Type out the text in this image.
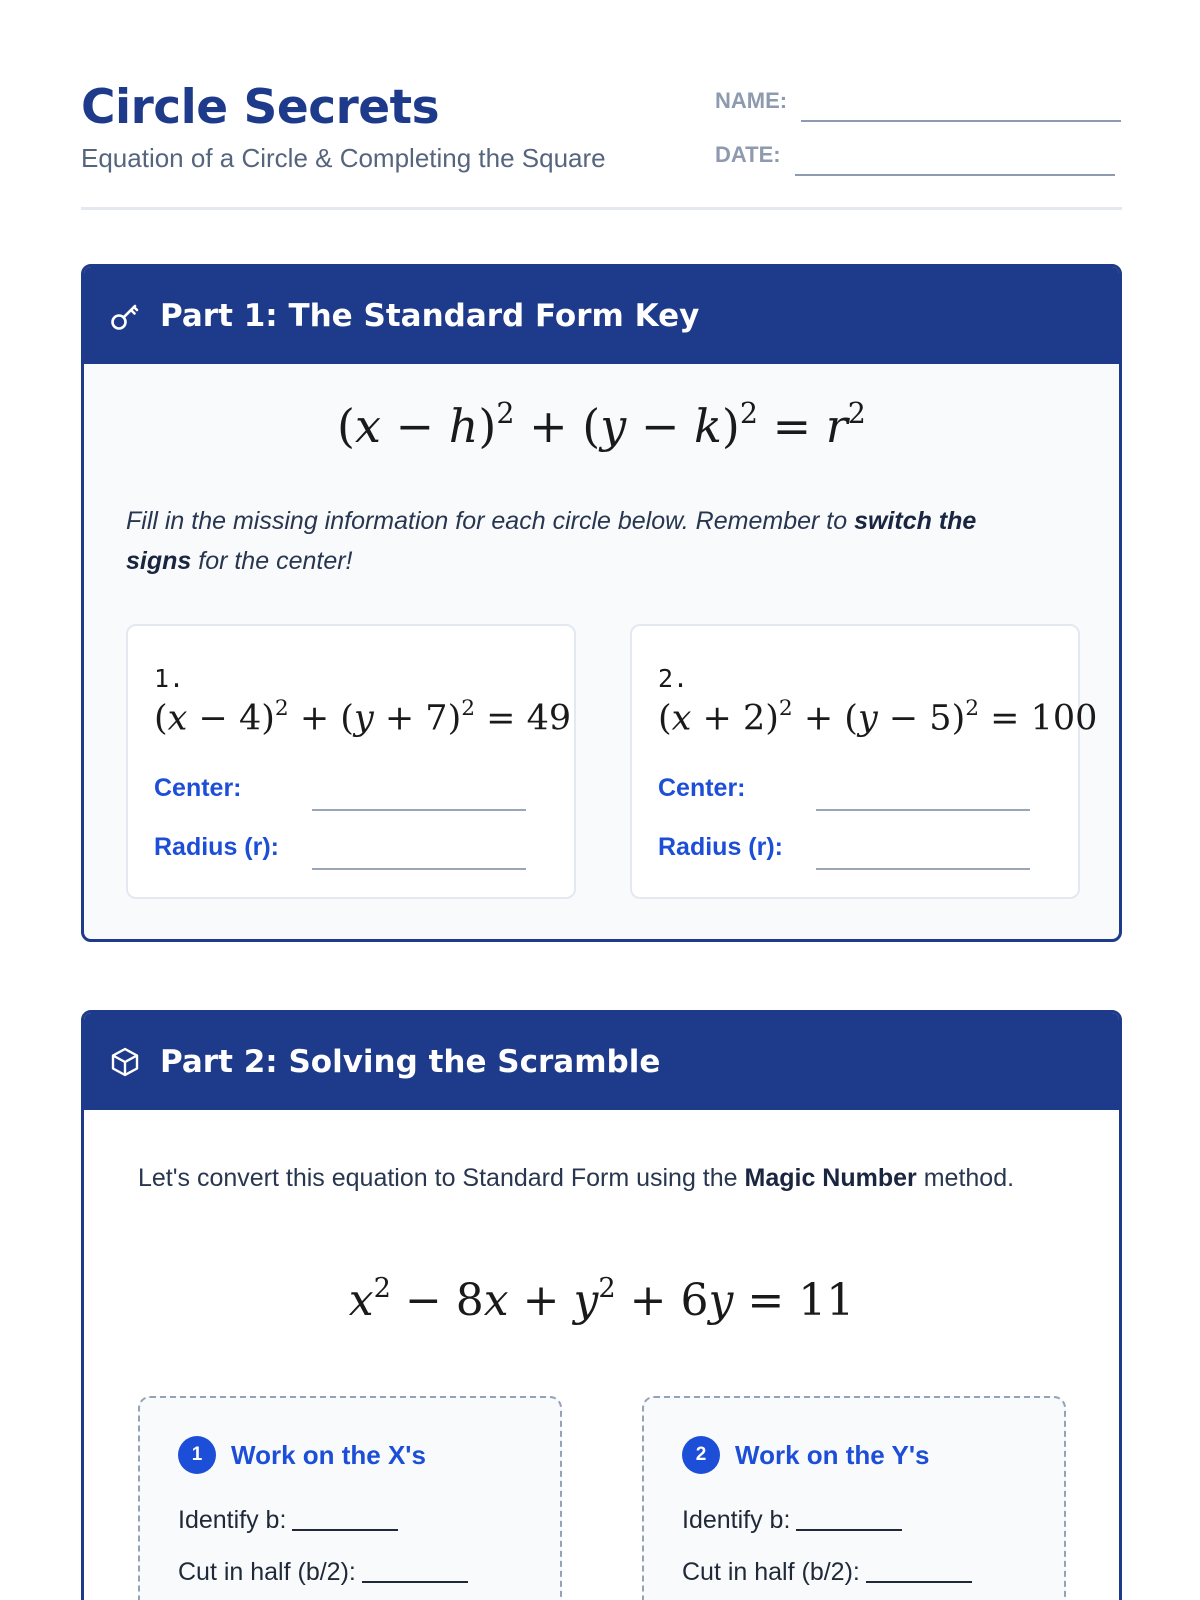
Circle Secrets
Equation of a Circle & Completing the Square
NAME:
DATE:
Part 1: The Standard Form Key
$(x - h)^2 + (y - k)^2 = r^2$
Fill in the missing information for each circle below. Remember to switch the signs for the center!
1.
$(x - 4)^2 + (y + 7)^2 = 49$
Center:
Radius (r):
2.
$(x + 2)^2 + (y - 5)^2 = 100$
Center:
Radius (r):
Part 2: Solving the Scramble
Let's convert this equation to Standard Form using the Magic Number method.
$x^2 - 8x + y^2 + 6y = 11$
1	Work on the X's
Identify b:
Cut in half (b/2):
2	Work on the Y's
Identify b:
Cut in half (b/2):
